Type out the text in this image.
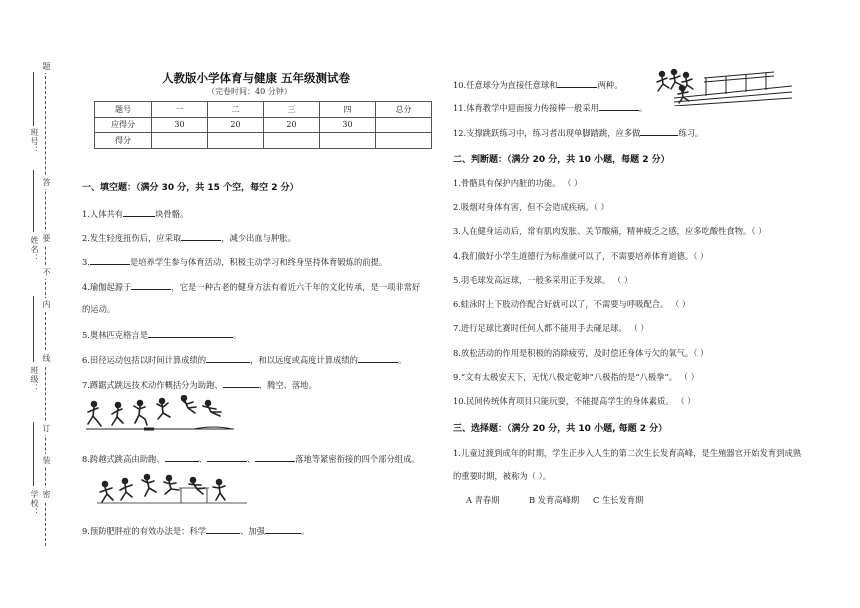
题
答
要
不
内
线
订
装
密
班号：
姓名：
班级：
学校：
人教版小学体育与健康 五年级测试卷
（完卷时间：40 分钟）
题号	一	二	三	四	总分
应得分	30	20	20	30	
得分					
一、填空题：（满分 30 分，共 15 个空，每空 2 分）
1.人体共有	块骨骼。
2.发生轻度扭伤后，应采取	，减少出血与肿胀。
3.	是培养学生参与体育活动，积极主动学习和终身坚持体育锻炼的前提。
4.瑜伽起源于	，它是一种古老的健身方法有着近六千年的文化传承，是一项非常好
的运动。
5.奥林匹克格言是	。
6.田径运动包括以时间计算成绩的	，和以远度或高度计算成绩的	。
7.蹲踞式跳远技术动作概括分为助跑、	、腾空、落地。
8.跨越式跳高由助跑、	、	、	落地等紧密衔接的四个部分组成。
9.预防肥胖症的有效办法是：科学	、加强	。
10.任意球分为直接任意球和	两种。
11.体育教学中迎面接力传接棒一般采用	。
12.支撑跳跃练习中，练习者出现单脚踏跳，应多做	练习。
二、判断题：（满分 20 分，共 10 小题，每题 2 分）
1.骨骼具有保护内脏的功能。 （ ）
2.吸烟对身体有害，但不会造成疾病。（ ）
3.人在健身运动后，常有肌肉发胀、关节酸痛，精神疲乏之感，应多吃酸性食物。（ ）
4.我们做好小学生道德行为标准就可以了，不需要培养体育道德。（ ）
5.羽毛球发高远球，一般多采用正手发球。 （ ）
6.蛙泳时上下肢动作配合好就可以了，不需要与呼吸配合。 （ ）
7.进行足球比赛时任何人都不能用手去碰足球。 （ ）
8.放松活动的作用是积极的消除疲劳，及时偿还身体亏欠的氧气。（ ）
9.“文有太极安天下，无忧八极定乾坤”八极指的是“八极拳”。 （ ）
10.民间传统体育项目只能玩耍，不能提高学生的身体素质。 （ ）
三、选择题：（满分 20 分，共 10 小题, 每题 2 分）
1.儿童过渡到成年的时期，学生正步入人生的第二次生长发育高峰，是生殖器官开始发育到成熟
的重要时期，被称为（ ）。
A 青春期	B 发育高峰期 C 生长发育期
